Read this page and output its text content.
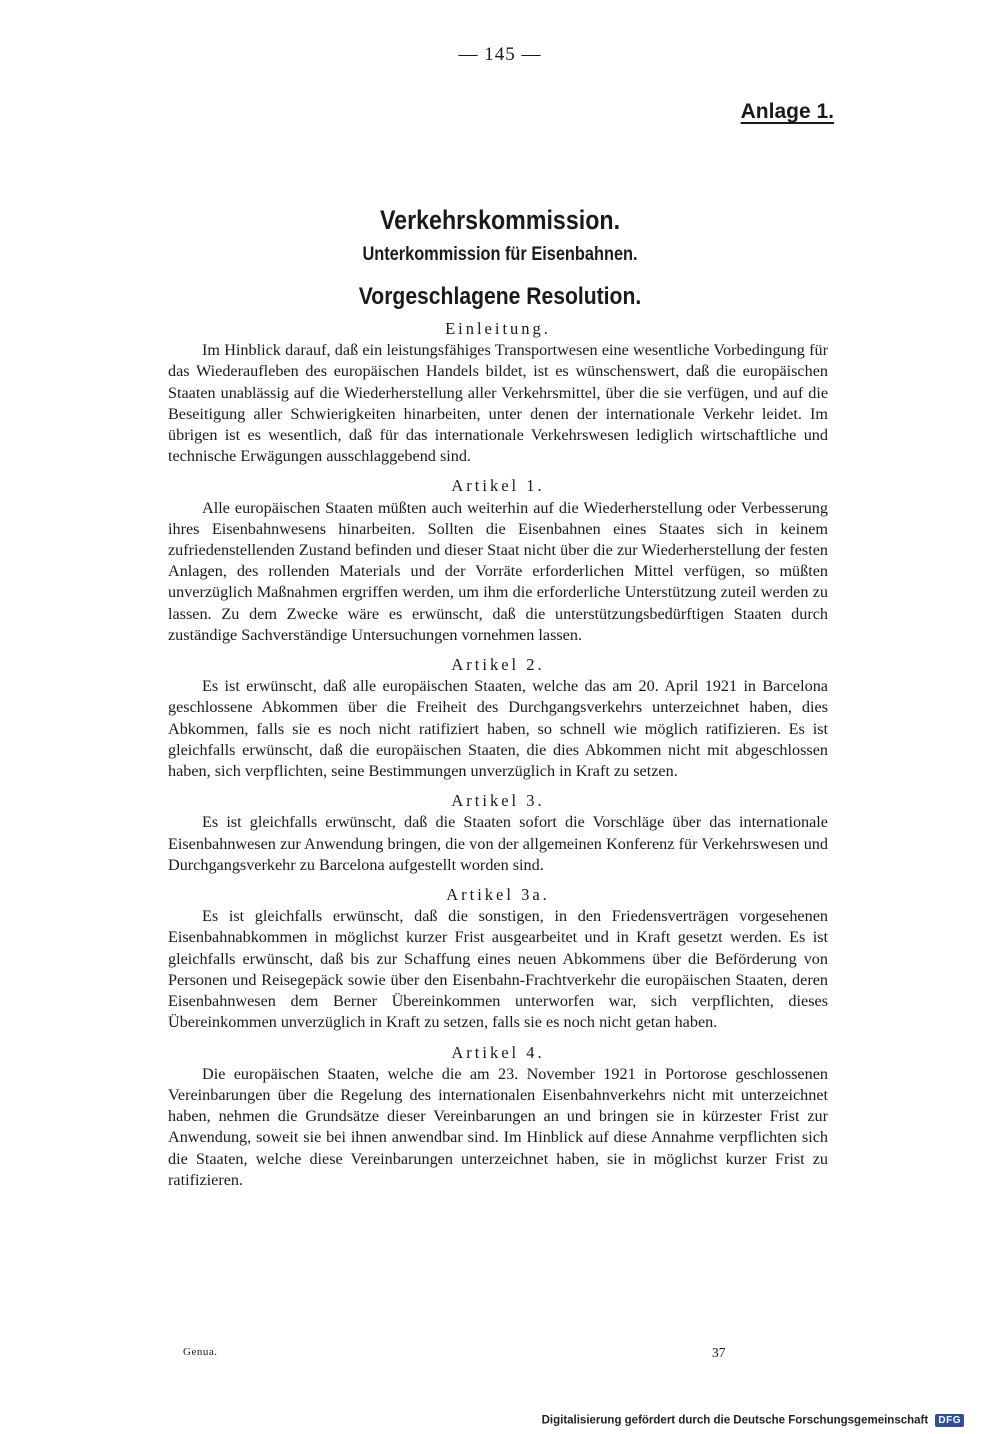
— 145 —
Anlage 1.

Verkehrskommission.

Unterkommission für Eisenbahnen.

Vorgeschlagene Resolution.

Einleitung.

Im Hinblick darauf, daß ein leistungsfähiges Transportwesen eine wesentliche Vorbedingung für das Wiederaufleben des europäischen Handels bildet, ist es wünschenswert, daß die europäischen Staaten unablässig auf die Wiederherstellung aller Verkehrsmittel, über die sie verfügen, und auf die Beseitigung aller Schwierigkeiten hinarbeiten, unter denen der internationale Verkehr leidet. Im übrigen ist es wesentlich, daß für das internationale Verkehrswesen lediglich wirtschaftliche und technische Erwägungen ausschlaggebend sind.

Artikel 1.

Alle europäischen Staaten müßten auch weiterhin auf die Wiederherstellung oder Verbesserung ihres Eisenbahnwesens hinarbeiten. Sollten die Eisenbahnen eines Staates sich in keinem zufriedenstellenden Zustand befinden und dieser Staat nicht über die zur Wiederherstellung der festen Anlagen, des rollenden Materials und der Vorräte erforderlichen Mittel verfügen, so müßten unverzüglich Maßnahmen ergriffen werden, um ihm die erforderliche Unterstützung zuteil werden zu lassen. Zu dem Zwecke wäre es erwünscht, daß die unterstützungsbedürftigen Staaten durch zuständige Sachverständige Untersuchungen vornehmen lassen.

Artikel 2.

Es ist erwünscht, daß alle europäischen Staaten, welche das am 20. April 1921 in Barcelona geschlossene Abkommen über die Freiheit des Durchgangsverkehrs unterzeichnet haben, dies Abkommen, falls sie es noch nicht ratifiziert haben, so schnell wie möglich ratifizieren. Es ist gleichfalls erwünscht, daß die europäischen Staaten, die dies Abkommen nicht mit abgeschlossen haben, sich verpflichten, seine Bestimmungen unverzüglich in Kraft zu setzen.

Artikel 3.

Es ist gleichfalls erwünscht, daß die Staaten sofort die Vorschläge über das internationale Eisenbahnwesen zur Anwendung bringen, die von der allgemeinen Konferenz für Verkehrswesen und Durchgangsverkehr zu Barcelona aufgestellt worden sind.

Artikel 3a.

Es ist gleichfalls erwünscht, daß die sonstigen, in den Friedensverträgen vorgesehenen Eisenbahnabkommen in möglichst kurzer Frist ausgearbeitet und in Kraft gesetzt werden. Es ist gleichfalls erwünscht, daß bis zur Schaffung eines neuen Abkommens über die Beförderung von Personen und Reisegepäck sowie über den Eisenbahn-Frachtverkehr die europäischen Staaten, deren Eisenbahnwesen dem Berner Übereinkommen unterworfen war, sich verpflichten, dieses Übereinkommen unverzüglich in Kraft zu setzen, falls sie es noch nicht getan haben.

Artikel 4.

Die europäischen Staaten, welche die am 23. November 1921 in Portorose geschlossenen Vereinbarungen über die Regelung des internationalen Eisenbahnverkehrs nicht mit unterzeichnet haben, nehmen die Grundsätze dieser Vereinbarungen an und bringen sie in kürzester Frist zur Anwendung, soweit sie bei ihnen anwendbar sind. Im Hinblick auf diese Annahme verpflichten sich die Staaten, welche diese Vereinbarungen unterzeichnet haben, sie in möglichst kurzer Frist zu ratifizieren.

Genua.	37
Digitalisierung gefördert durch die Deutsche Forschungsgemeinschaft DFG
